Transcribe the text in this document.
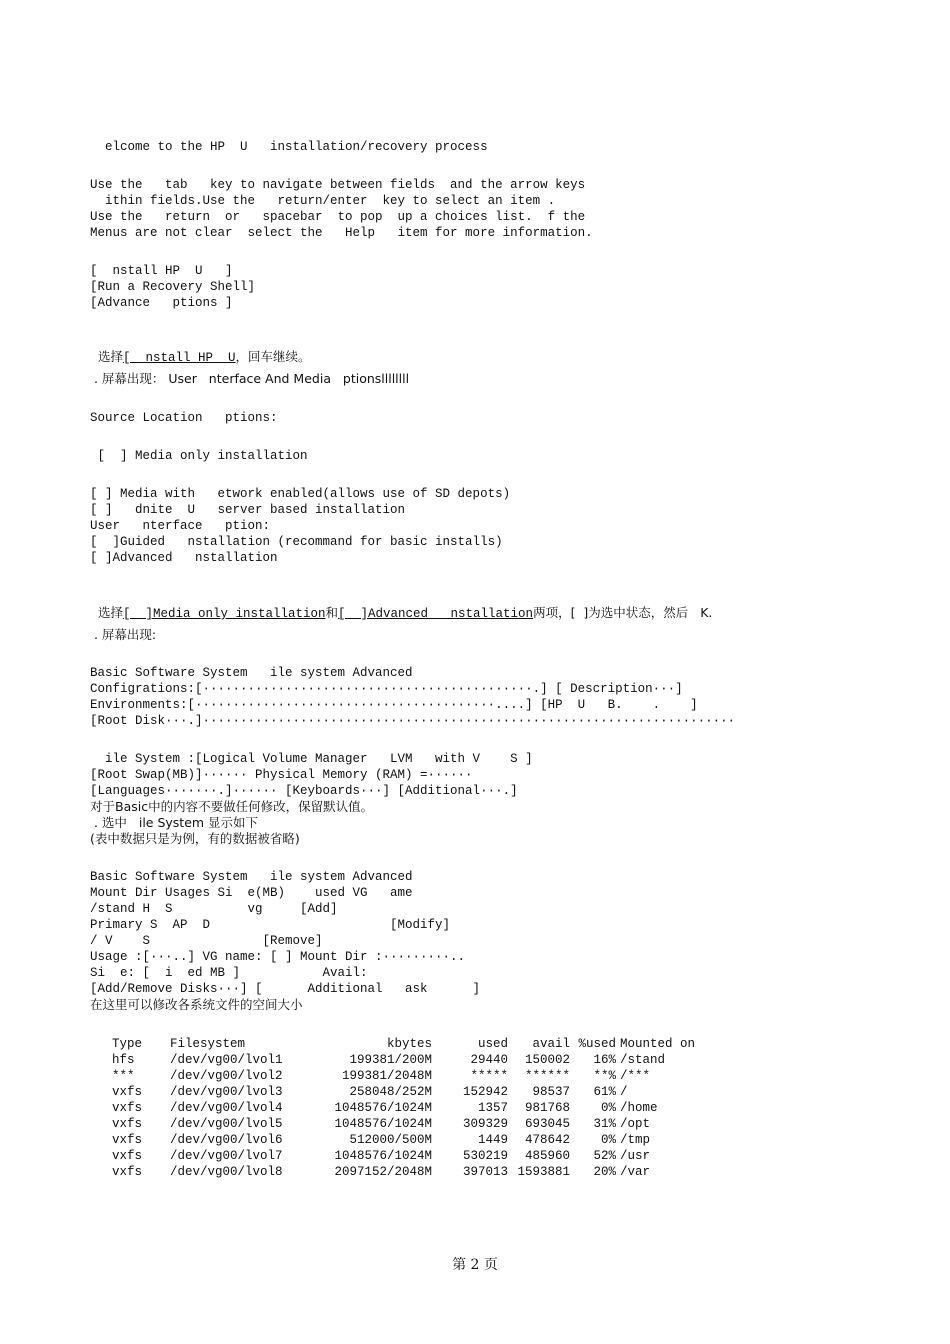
elcome to the HP  U   installation/recovery process
Use the   tab   key to navigate between fields  and the arrow keys
ithin fields.Use the   return/enter  key to select an item .
Use the   return  or   spacebar  to pop  up a choices list.  f the
Menus are not clear  select the   Help   item for more information.
[  nstall HP  U   ]
[Run a Recovery Shell]
[Advance   ptions ]

选择[  nstall HP  U，回车继续。

. 屏幕出现： User   nterface And Media   ptionsllllllll
Source Location   ptions:
[  ] Media only installation
[ ] Media with   etwork enabled(allows use of SD depots)
[ ]   dnite  U   server based installation
User   nterface   ption:
[  ]Guided   nstallation (recommand for basic installs)
[ ]Advanced   nstallation

选择[  ]Media only installation和[  ]Advanced   nstallation两项，[  ]为选中状态，然后   K.

. 屏幕出现:
Basic Software System   ile system Advanced
Configrations:[············································.] [ Description···]
Environments:[········································....] [HP  U   B.    .    ]
[Root Disk···.]·······································································
ile System :[Logical Volume Manager   LVM   with V    S ]
[Root Swap(MB)]······ Physical Memory (RAM) =······
[Languages·······.]······ [Keyboards···] [Additional···.]
对于Basic中的内容不要做任何修改，保留默认值。
. 选中   ile System 显示如下
(表中数据只是为例，有的数据被省略)
Basic Software System   ile system Advanced
Mount Dir Usages Si  e(MB)    used VG   ame
/stand H  S          vg     [Add]
Primary S  AP  D                        [Modify]
/ V    S               [Remove]
Usage :[···..] VG name: [ ] Mount Dir :·········..
Si  e: [  i  ed MB ]           Avail:
[Add/Remove Disks···] [      Additional   ask      ]
在这里可以修改各系统文件的空间大小
Type	Filesystem	kbytes	used	avail	%used	Mounted on
hfs	/dev/vg00/lvol1	199381/200M	29440	150002	16%	/stand
***	/dev/vg00/lvol2	199381/2048M	*****	******	**%	/***
vxfs	/dev/vg00/lvol3	258048/252M	152942	98537	61%	/
vxfs	/dev/vg00/lvol4	1048576/1024M	1357	981768	0%	/home
vxfs	/dev/vg00/lvol5	1048576/1024M	309329	693045	31%	/opt
vxfs	/dev/vg00/lvol6	512000/500M	1449	478642	0%	/tmp
vxfs	/dev/vg00/lvol7	1048576/1024M	530219	485960	52%	/usr
vxfs	/dev/vg00/lvol8	2097152/2048M	397013	1593881	20%	/var
第 2 页
